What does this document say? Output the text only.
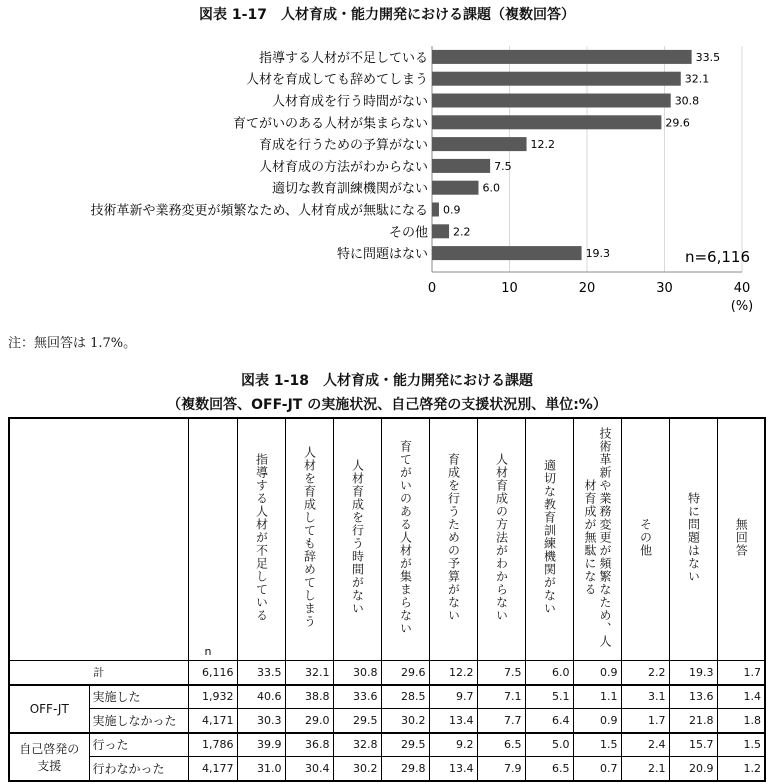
図表 1-17　人材育成・能力開発における課題（複数回答）
0	10	20	30	40
指導する人材が不足している	33.5
人材を育成しても辞めてしまう	32.1
人材育成を行う時間がない	30.8
育てがいのある人材が集まらない	29.6
育成を行うための予算がない	12.2
人材育成の方法がわからない	7.5
適切な教育訓練機関がない	6.0
技術革新や業務変更が頻繁なため、人材育成が無駄になる 0.9
その他 2.2
特に問題はない	19.3	n=6,116
(%)
注：無回答は 1.7%。
図表 1-18　人材育成・能力開発における課題
（複数回答、OFF-JT の実施状況、自己啓発の支援状況別、単位:%）
		n	指導する人材が不足している	人材を育成しても辞めてしまう	人材育成を行う時間がない	育てがいのある人材が集まらない	育成を行うための予算がない	人材育成の方法がわからない	適切な教育訓練機関がない	技術革新や業務変更が頻繁なため、人材育成が無駄になる	その他	特に問題はない	無回答

計		6,116	33.5	32.1	30.8	29.6	12.2	7.5	6.0	0.9	2.2	19.3	1.7
OFF-JT	実施した	1,932	40.6	38.8	33.6	28.5	9.7	7.1	5.1	1.1	3.1	13.6	1.4
	実施しなかった	4,171	30.3	29.0	29.5	30.2	13.4	7.7	6.4	0.9	1.7	21.8	1.8
自己啓発の支援	行った	1,786	39.9	36.8	32.8	29.5	9.2	6.5	5.0	1.5	2.4	15.7	1.5
	行わなかった	4,177	31.0	30.4	30.2	29.8	13.4	7.9	6.5	0.7	2.1	20.9	1.2
